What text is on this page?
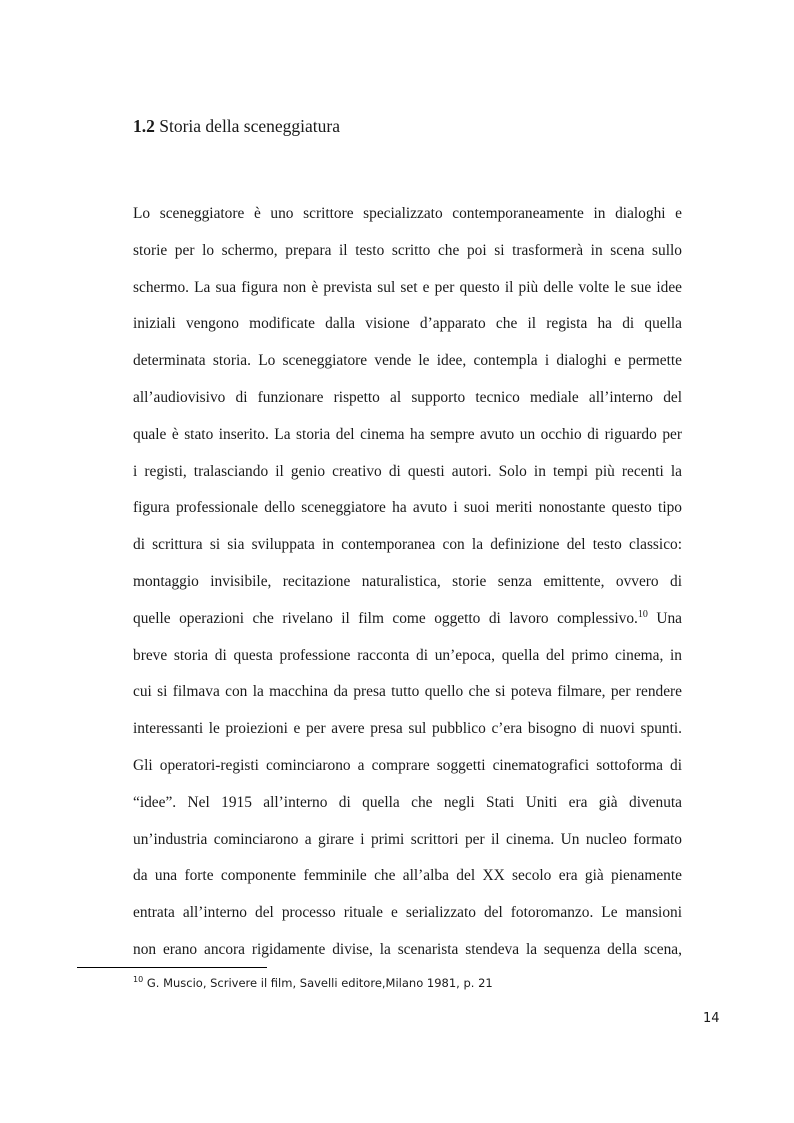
1.2 Storia della sceneggiatura
Lo sceneggiatore è uno scrittore specializzato contemporaneamente in dialoghi e
storie per lo schermo, prepara il testo scritto che poi si trasformerà in scena sullo
schermo. La sua figura non è prevista sul set e per questo il più delle volte le sue idee
iniziali vengono modificate dalla visione d’apparato che il regista ha di quella
determinata storia. Lo sceneggiatore vende le idee, contempla i dialoghi e permette
all’audiovisivo di funzionare rispetto al supporto tecnico mediale all’interno del
quale è stato inserito. La storia del cinema ha sempre avuto un occhio di riguardo per
i registi, tralasciando il genio creativo di questi autori. Solo in tempi più recenti la
figura professionale dello sceneggiatore ha avuto i suoi meriti nonostante questo tipo
di scrittura si sia sviluppata in contemporanea con la definizione del testo classico:
montaggio invisibile, recitazione naturalistica, storie senza emittente, ovvero di
quelle operazioni che rivelano il film come oggetto di lavoro complessivo.$^{10}$ Una
breve storia di questa professione racconta di un’epoca, quella del primo cinema, in
cui si filmava con la macchina da presa tutto quello che si poteva filmare, per rendere
interessanti le proiezioni e per avere presa sul pubblico c’era bisogno di nuovi spunti.
Gli operatori-registi cominciarono a comprare soggetti cinematografici sottoforma di
“idee”. Nel 1915 all’interno di quella che negli Stati Uniti era già divenuta
un’industria cominciarono a girare i primi scrittori per il cinema. Un nucleo formato
da una forte componente femminile che all’alba del XX secolo era già pienamente
entrata all’interno del processo rituale e serializzato del fotoromanzo. Le mansioni
non erano ancora rigidamente divise, la scenarista stendeva la sequenza della scena,
$^{10}$ G. Muscio, Scrivere il film, Savelli editore,Milano 1981, p. 21
14
